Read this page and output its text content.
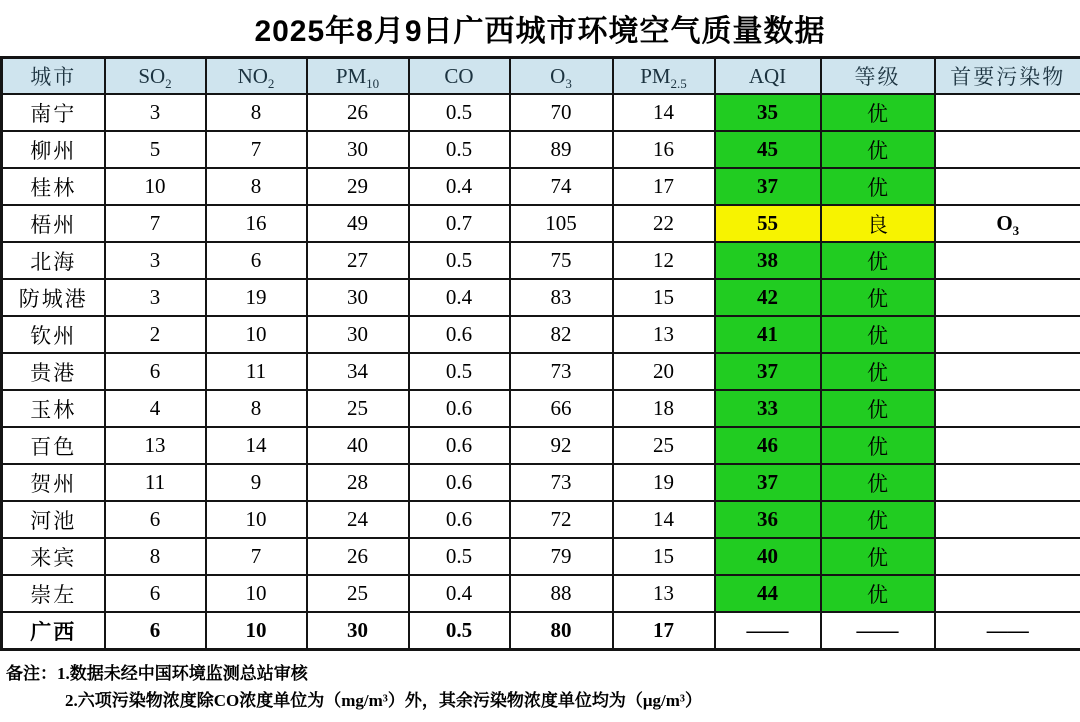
2025年8月9日广西城市环境空气质量数据
城市	$SO_2$	$NO_2$	$PM_{10}$	CO	$O_3$	$PM_{2.5}$	AQI	等级	首要污染物
南宁	3	8	26	0.5	70	14	35	优	
柳州	5	7	30	0.5	89	16	45	优	
桂林	10	8	29	0.4	74	17	37	优	
梧州	7	16	49	0.7	105	22	55	良	$O_3$
北海	3	6	27	0.5	75	12	38	优	
防城港	3	19	30	0.4	83	15	42	优	
钦州	2	10	30	0.6	82	13	41	优	
贵港	6	11	34	0.5	73	20	37	优	
玉林	4	8	25	0.6	66	18	33	优	
百色	13	14	40	0.6	92	25	46	优	
贺州	11	9	28	0.6	73	19	37	优	
河池	6	10	24	0.6	72	14	36	优	
来宾	8	7	26	0.5	79	15	40	优	
崇左	6	10	25	0.4	88	13	44	优	
广西	6	10	30	0.5	80	17	——	——	——
备注：1.数据未经中国环境监测总站审核
2.六项污染物浓度除CO浓度单位为（mg/m³）外，其余污染物浓度单位均为（μg/m³）
